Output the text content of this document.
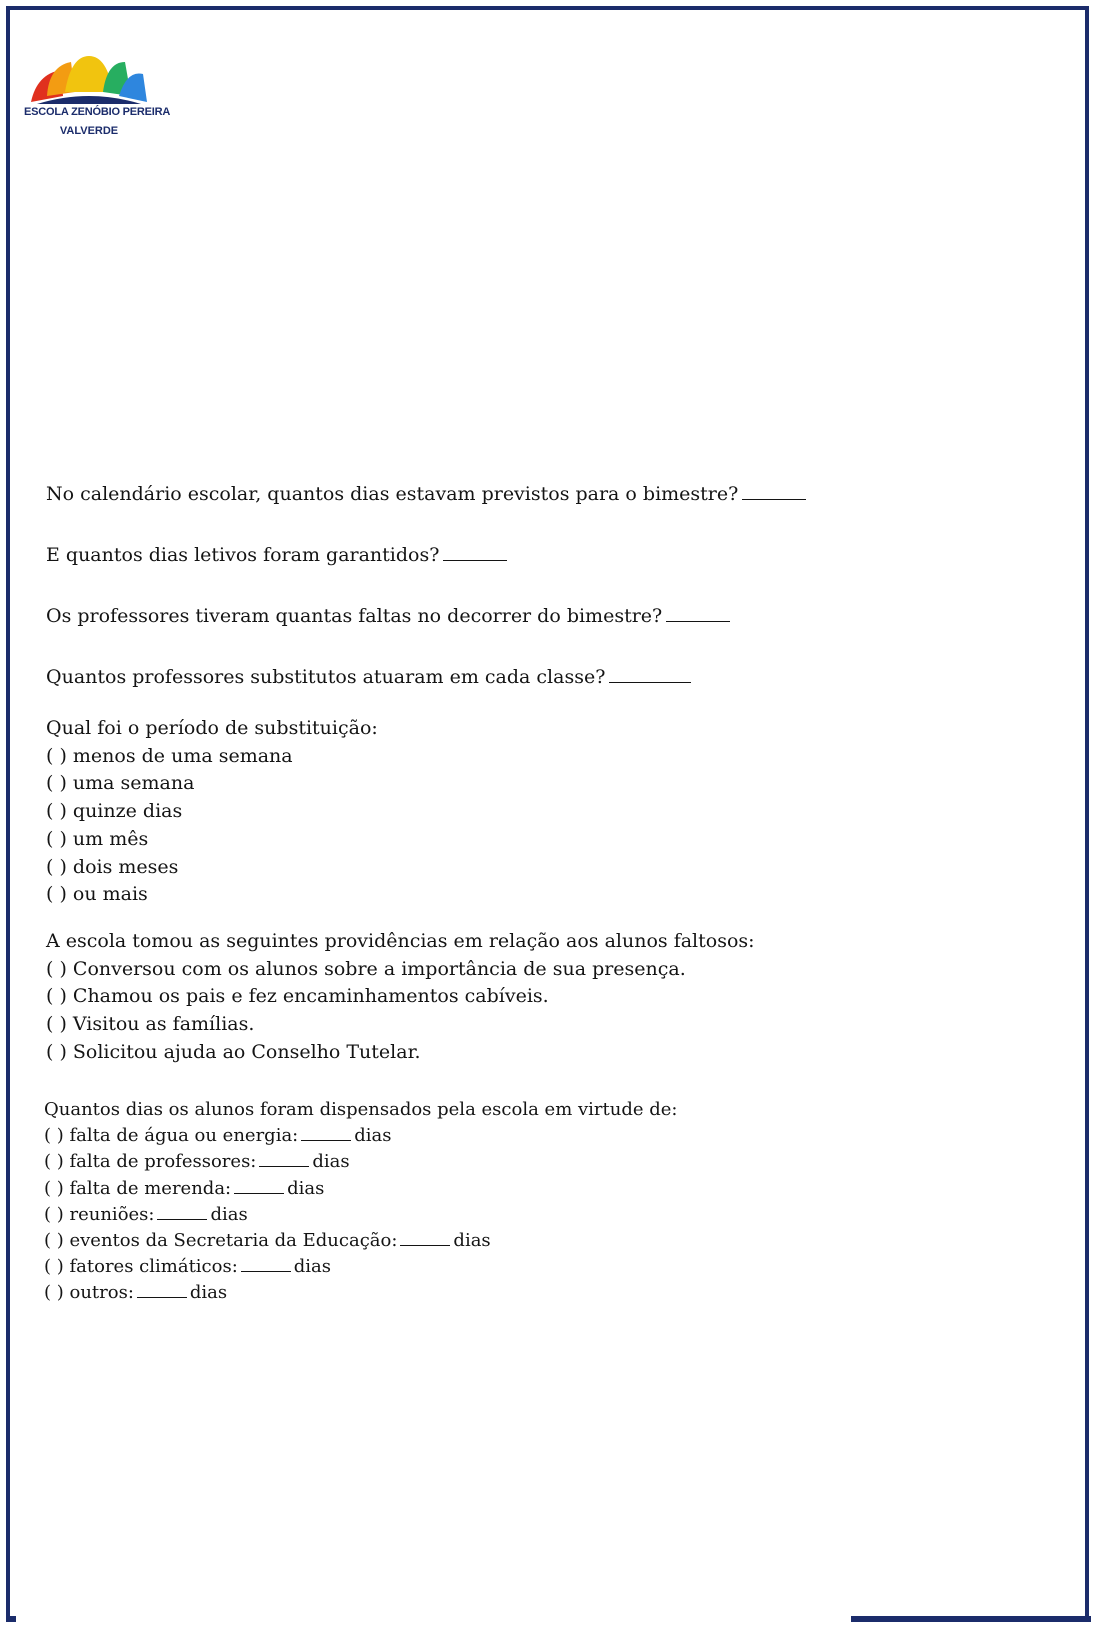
ESCOLA ZENÓBIO PEREIRA
VALVERDE
No calendário escolar, quantos dias estavam previstos para o bimestre?
E quantos dias letivos foram garantidos?
Os professores tiveram quantas faltas no decorrer do bimestre?
Quantos professores substitutos atuaram em cada classe?
Qual foi o período de substituição:
( ) menos de uma semana
( ) uma semana
( ) quinze dias
( ) um mês
( ) dois meses
( ) ou mais
A escola tomou as seguintes providências em relação aos alunos faltosos:
( ) Conversou com os alunos sobre a importância de sua presença.
( ) Chamou os pais e fez encaminhamentos cabíveis.
( ) Visitou as famílias.
( ) Solicitou ajuda ao Conselho Tutelar.
Quantos dias os alunos foram dispensados pela escola em virtude de:
( ) falta de água ou energia:	dias
( ) falta de professores:	dias
( ) falta de merenda:	dias
( ) reuniões:	dias
( ) eventos da Secretaria da Educação:	dias
( ) fatores climáticos:	dias
( ) outros:	dias
